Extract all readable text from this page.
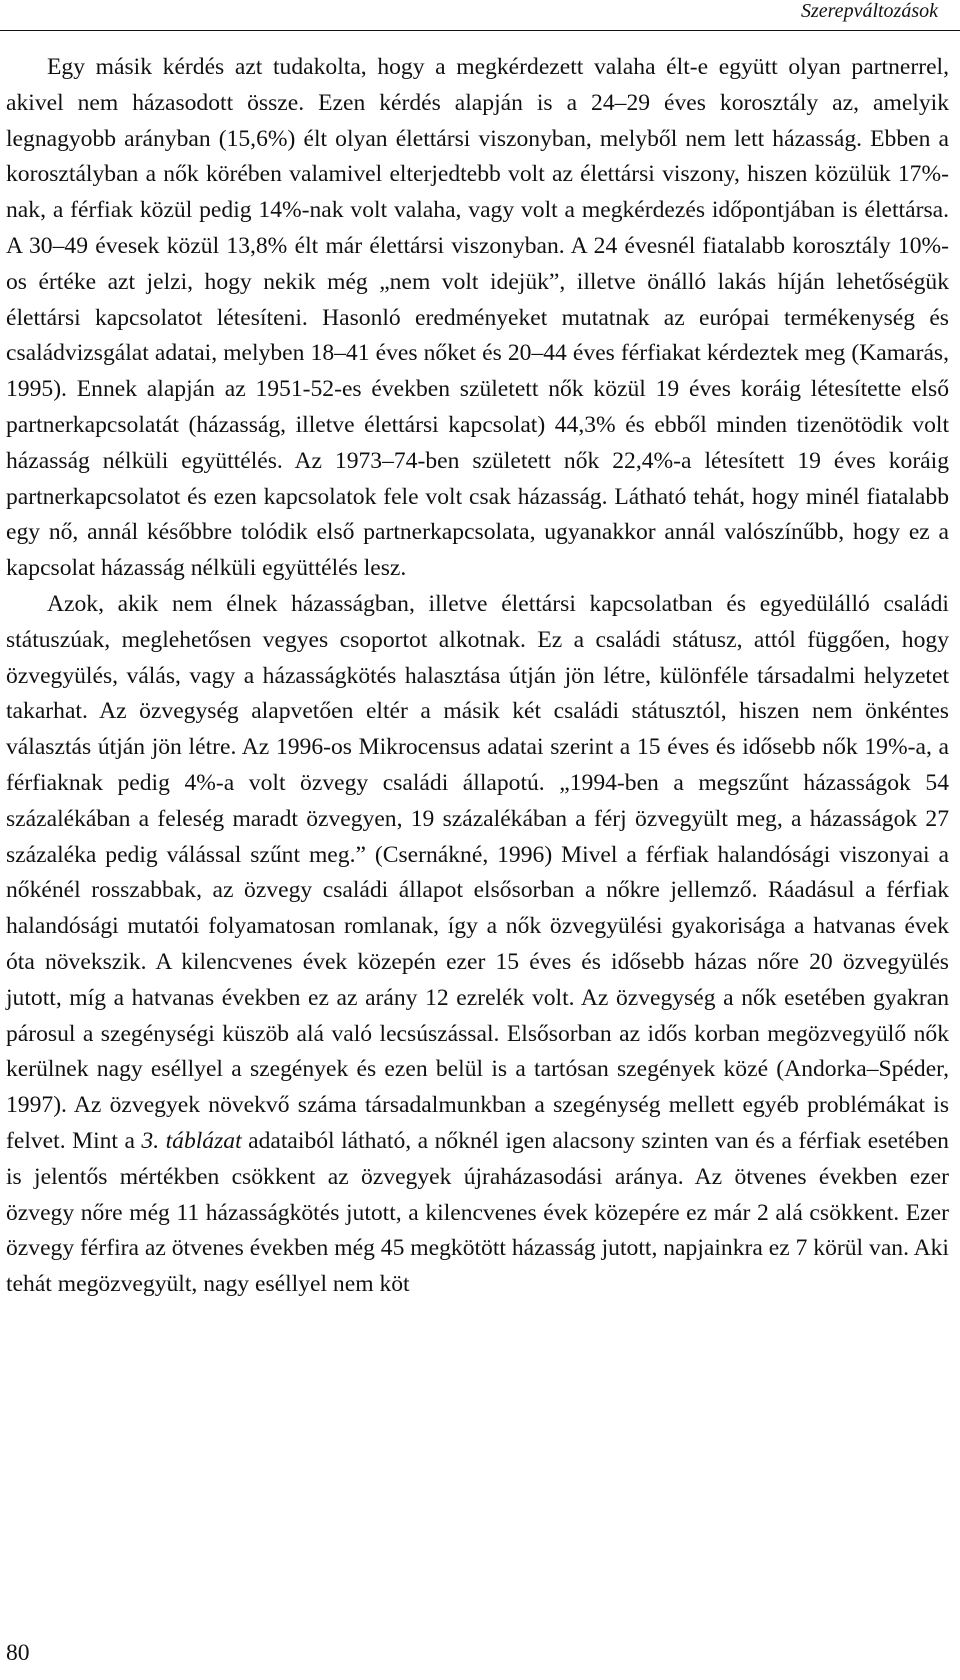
Szerepváltozások

Egy másik kérdés azt tudakolta, hogy a megkérdezett valaha élt-e együtt olyan partnerrel, akivel nem házasodott össze. Ezen kérdés alapján is a 24–29 éves korosztály az, amelyik legnagyobb arányban (15,6%) élt olyan élettársi viszonyban, melyből nem lett házasság. Ebben a korosztályban a nők körében valamivel elterjedtebb volt az élettársi viszony, hiszen közülük 17%-nak, a férfiak közül pedig 14%-nak volt valaha, vagy volt a megkérdezés időpontjában is élettársa. A 30–49 évesek közül 13,8% élt már élettársi viszonyban. A 24 évesnél fiatalabb korosztály 10%-os értéke azt jelzi, hogy nekik még „nem volt idejük”, illetve önálló lakás híján lehetőségük élettársi kapcsolatot létesíteni. Hasonló eredményeket mutatnak az európai termékenység és családvizsgálat adatai, melyben 18–41 éves nőket és 20–44 éves férfiakat kérdeztek meg (Kamarás, 1995). Ennek alapján az 1951-52-es években született nők közül 19 éves koráig létesítette első partnerkapcsolatát (házasság, illetve élettársi kapcsolat) 44,3% és ebből minden tizenötödik volt házasság nélküli együttélés. Az 1973–74-ben született nők 22,4%-a létesített 19 éves koráig partnerkapcsolatot és ezen kapcsolatok fele volt csak házasság. Látható tehát, hogy minél fiatalabb egy nő, annál későbbre tolódik első partnerkapcsolata, ugyanakkor annál valószínűbb, hogy ez a kapcsolat házasság nélküli együttélés lesz.

Azok, akik nem élnek házasságban, illetve élettársi kapcsolatban és egyedülálló családi státuszúak, meglehetősen vegyes csoportot alkotnak. Ez a családi státusz, attól függően, hogy özvegyülés, válás, vagy a házasságkötés halasztása útján jön létre, különféle társadalmi helyzetet takarhat. Az özvegység alapvetően eltér a másik két családi státusztól, hiszen nem önkéntes választás útján jön létre. Az 1996-os Mikrocensus adatai szerint a 15 éves és idősebb nők 19%-a, a férfiaknak pedig 4%-a volt özvegy családi állapotú. „1994-ben a megszűnt házasságok 54 százalékában a feleség maradt özvegyen, 19 százalékában a férj özvegyült meg, a házasságok 27 százaléka pedig válással szűnt meg.” (Csernákné, 1996) Mivel a férfiak halandósági viszonyai a nőkénél rosszabbak, az özvegy családi állapot elsősorban a nőkre jellemző. Ráadásul a férfiak halandósági mutatói folyamatosan romlanak, így a nők özvegyülési gyakorisága a hatvanas évek óta növekszik. A kilencvenes évek közepén ezer 15 éves és idősebb házas nőre 20 özvegyülés jutott, míg a hatvanas években ez az arány 12 ezrelék volt. Az özvegység a nők esetében gyakran párosul a szegénységi küszöb alá való lecsúszással. Elsősorban az idős korban megözvegyülő nők kerülnek nagy eséllyel a szegények és ezen belül is a tartósan szegények közé (Andorka–Spéder, 1997). Az özvegyek növekvő száma társadalmunkban a szegénység mellett egyéb problémákat is felvet. Mint a 3. táblázat adataiból látható, a nőknél igen alacsony szinten van és a férfiak esetében is jelentős mértékben csökkent az özvegyek újraházasodási aránya. Az ötvenes években ezer özvegy nőre még 11 házasságkötés jutott, a kilencvenes évek közepére ez már 2 alá csökkent. Ezer özvegy férfira az ötvenes években még 45 megkötött házasság jutott, napjainkra ez 7 körül van. Aki tehát megözvegyült, nagy eséllyel nem köt

80
